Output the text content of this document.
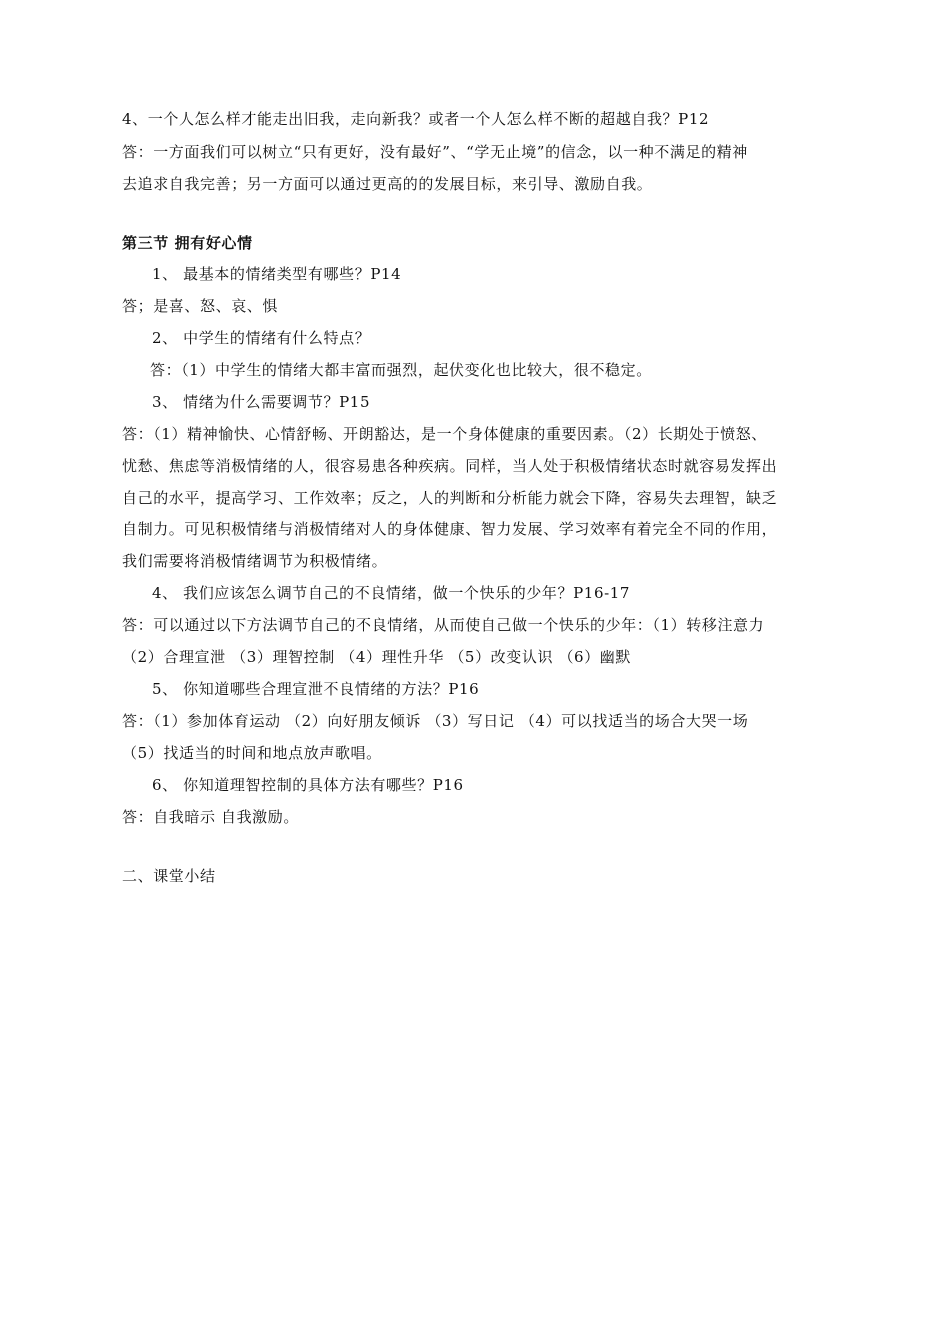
4、一个人怎么样才能走出旧我，走向新我？或者一个人怎么样不断的超越自我？P12
答：一方面我们可以树立“只有更好，没有最好”、“学无止境”的信念，以一种不满足的精神
去追求自我完善；另一方面可以通过更高的的发展目标，来引导、激励自我。
第三节 拥有好心情
1、 最基本的情绪类型有哪些？P14
答；是喜、怒、哀、惧
2、 中学生的情绪有什么特点？
答：（1）中学生的情绪大都丰富而强烈，起伏变化也比较大，很不稳定。
3、 情绪为什么需要调节？P15
答：（1）精神愉快、心情舒畅、开朗豁达，是一个身体健康的重要因素。（2）长期处于愤怒、
忧愁、焦虑等消极情绪的人，很容易患各种疾病。同样，当人处于积极情绪状态时就容易发挥出
自己的水平，提高学习、工作效率；反之，人的判断和分析能力就会下降，容易失去理智，缺乏
自制力。可见积极情绪与消极情绪对人的身体健康、智力发展、学习效率有着完全不同的作用，
我们需要将消极情绪调节为积极情绪。
4、 我们应该怎么调节自己的不良情绪，做一个快乐的少年？P16-17
答：可以通过以下方法调节自己的不良情绪，从而使自己做一个快乐的少年：（1）转移注意力
（2）合理宣泄 （3）理智控制 （4）理性升华 （5）改变认识 （6）幽默
5、 你知道哪些合理宣泄不良情绪的方法？P16
答：（1）参加体育运动 （2）向好朋友倾诉 （3）写日记 （4）可以找适当的场合大哭一场
（5）找适当的时间和地点放声歌唱。
6、 你知道理智控制的具体方法有哪些？P16
答：自我暗示 自我激励。
二、课堂小结
